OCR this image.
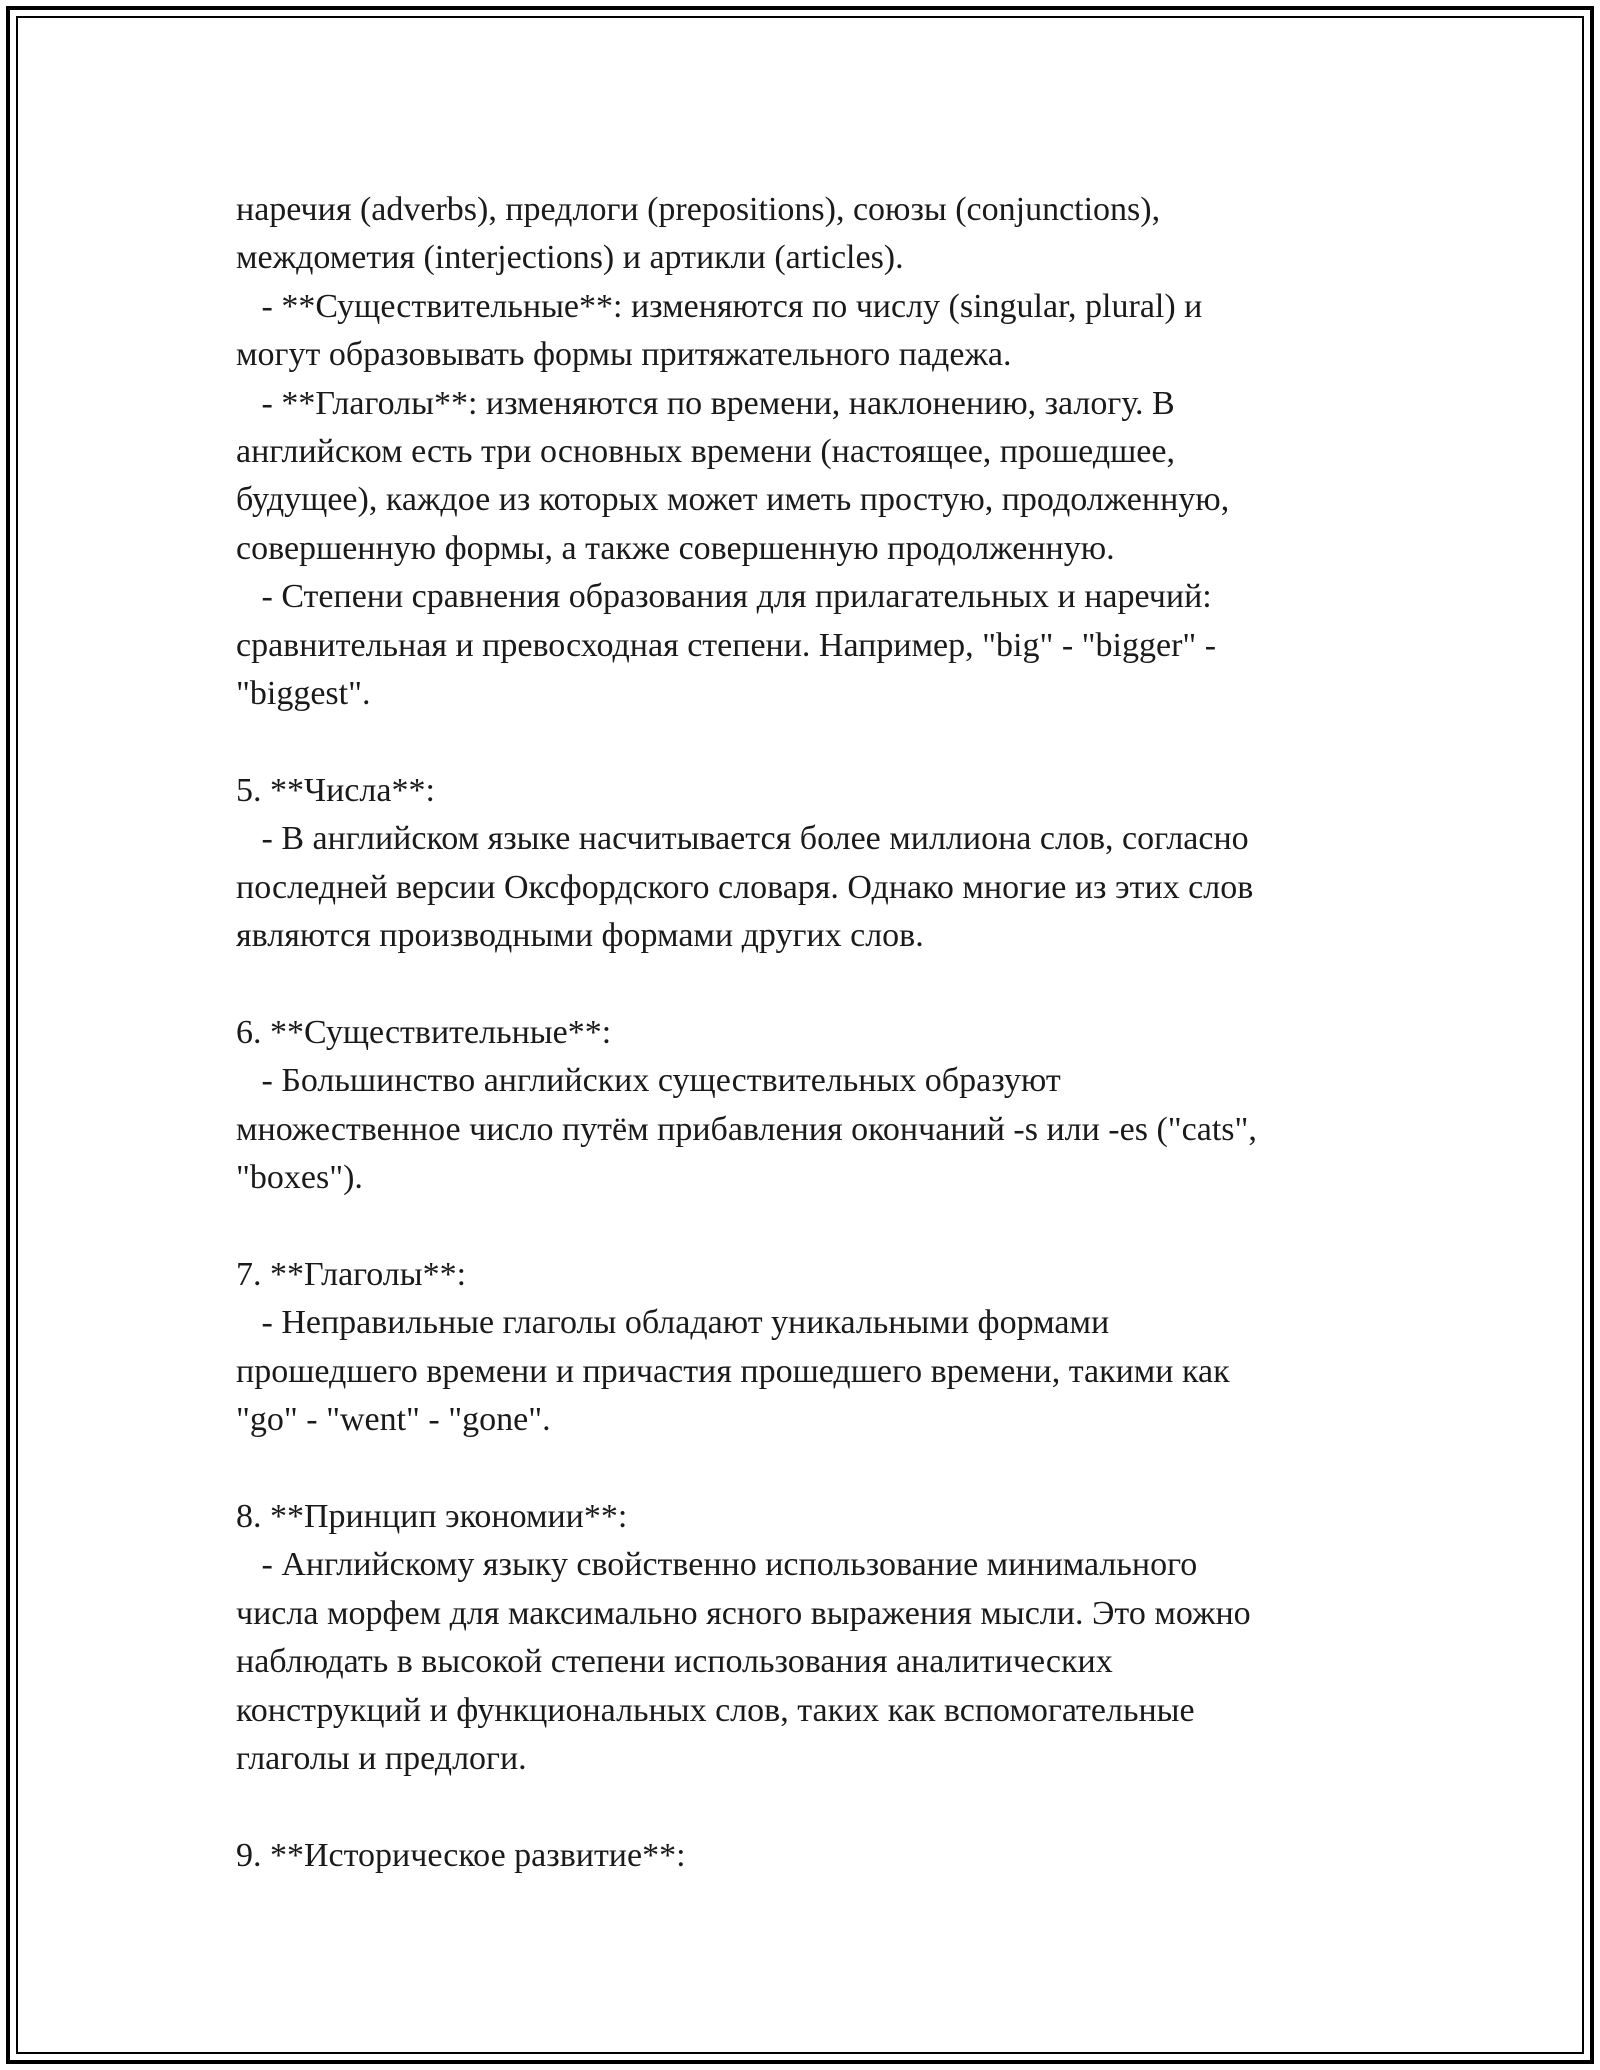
наречия (adverbs), предлоги (prepositions), союзы (conjunctions),
междометия (interjections) и артикли (articles).
- **Существительные**: изменяются по числу (singular, plural) и
могут образовывать формы притяжательного падежа.
- **Глаголы**: изменяются по времени, наклонению, залогу. В
английском есть три основных времени (настоящее, прошедшее,
будущее), каждое из которых может иметь простую, продолженную,
совершенную формы, а также совершенную продолженную.
- Степени сравнения образования для прилагательных и наречий:
сравнительная и превосходная степени. Например, "big" - "bigger" -
"biggest".
5. **Числа**:
- В английском языке насчитывается более миллиона слов, согласно
последней версии Оксфордского словаря. Однако многие из этих слов
являются производными формами других слов.
6. **Существительные**:
- Большинство английских существительных образуют
множественное число путём прибавления окончаний -s или -es ("cats",
"boxes").
7. **Глаголы**:
- Неправильные глаголы обладают уникальными формами
прошедшего времени и причастия прошедшего времени, такими как
"go" - "went" - "gone".
8. **Принцип экономии**:
- Английскому языку свойственно использование минимального
числа морфем для максимально ясного выражения мысли. Это можно
наблюдать в высокой степени использования аналитических
конструкций и функциональных слов, таких как вспомогательные
глаголы и предлоги.
9. **Историческое развитие**:
